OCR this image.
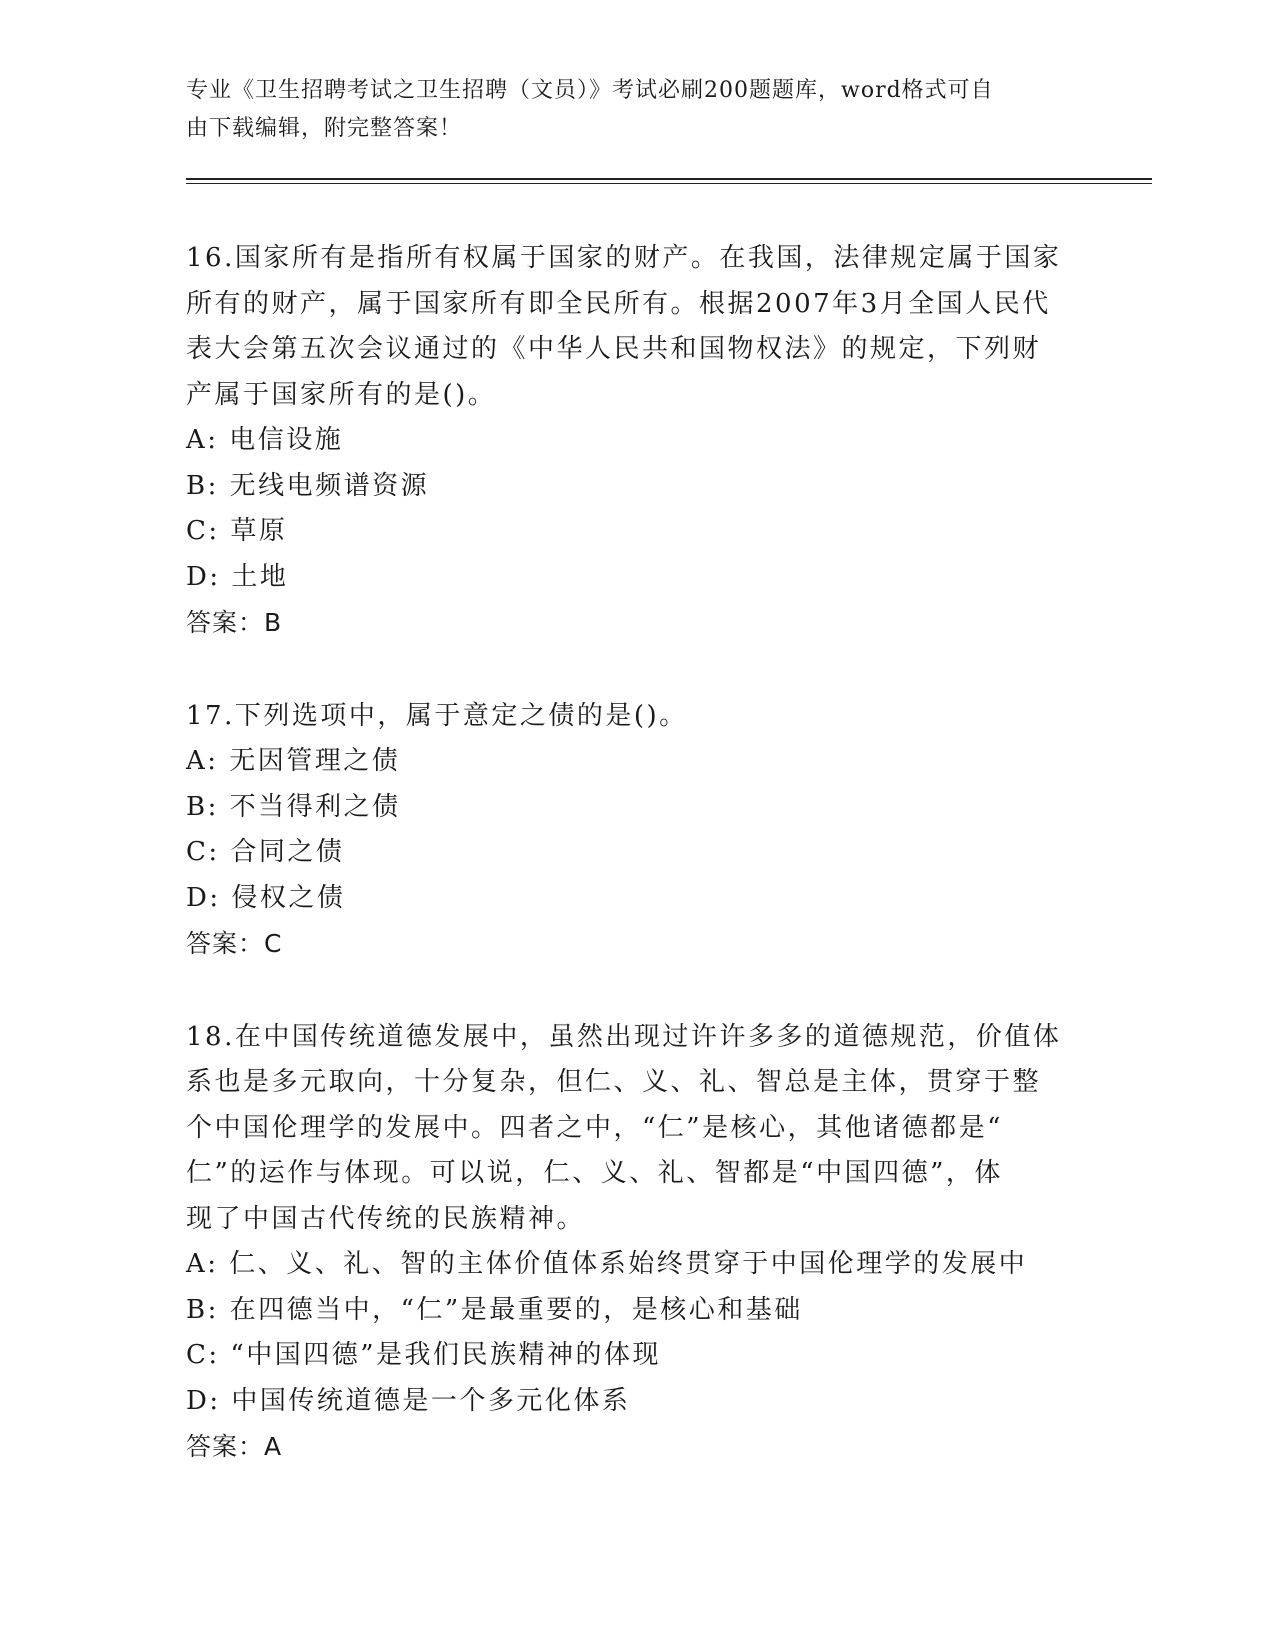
专业《卫生招聘考试之卫生招聘（文员）》考试必刷200题题库，word格式可自
由下载编辑，附完整答案！
16.国家所有是指所有权属于国家的财产。在我国，法律规定属于国家
所有的财产，属于国家所有即全民所有。根据2007年3月全国人民代
表大会第五次会议通过的《中华人民共和国物权法》的规定，下列财
产属于国家所有的是()。
A: 电信设施
B: 无线电频谱资源
C: 草原
D: 土地
答案：B
17.下列选项中，属于意定之债的是()。
A: 无因管理之债
B: 不当得利之债
C: 合同之债
D: 侵权之债
答案：C
18.在中国传统道德发展中，虽然出现过许许多多的道德规范，价值体
系也是多元取向，十分复杂，但仁、义、礼、智总是主体，贯穿于整
个中国伦理学的发展中。四者之中，“仁”是核心，其他诸德都是“
仁”的运作与体现。可以说，仁、义、礼、智都是“中国四德”，体
现了中国古代传统的民族精神。
A: 仁、义、礼、智的主体价值体系始终贯穿于中国伦理学的发展中
B: 在四德当中，“仁”是最重要的，是核心和基础
C: “中国四德”是我们民族精神的体现
D: 中国传统道德是一个多元化体系
答案：A
